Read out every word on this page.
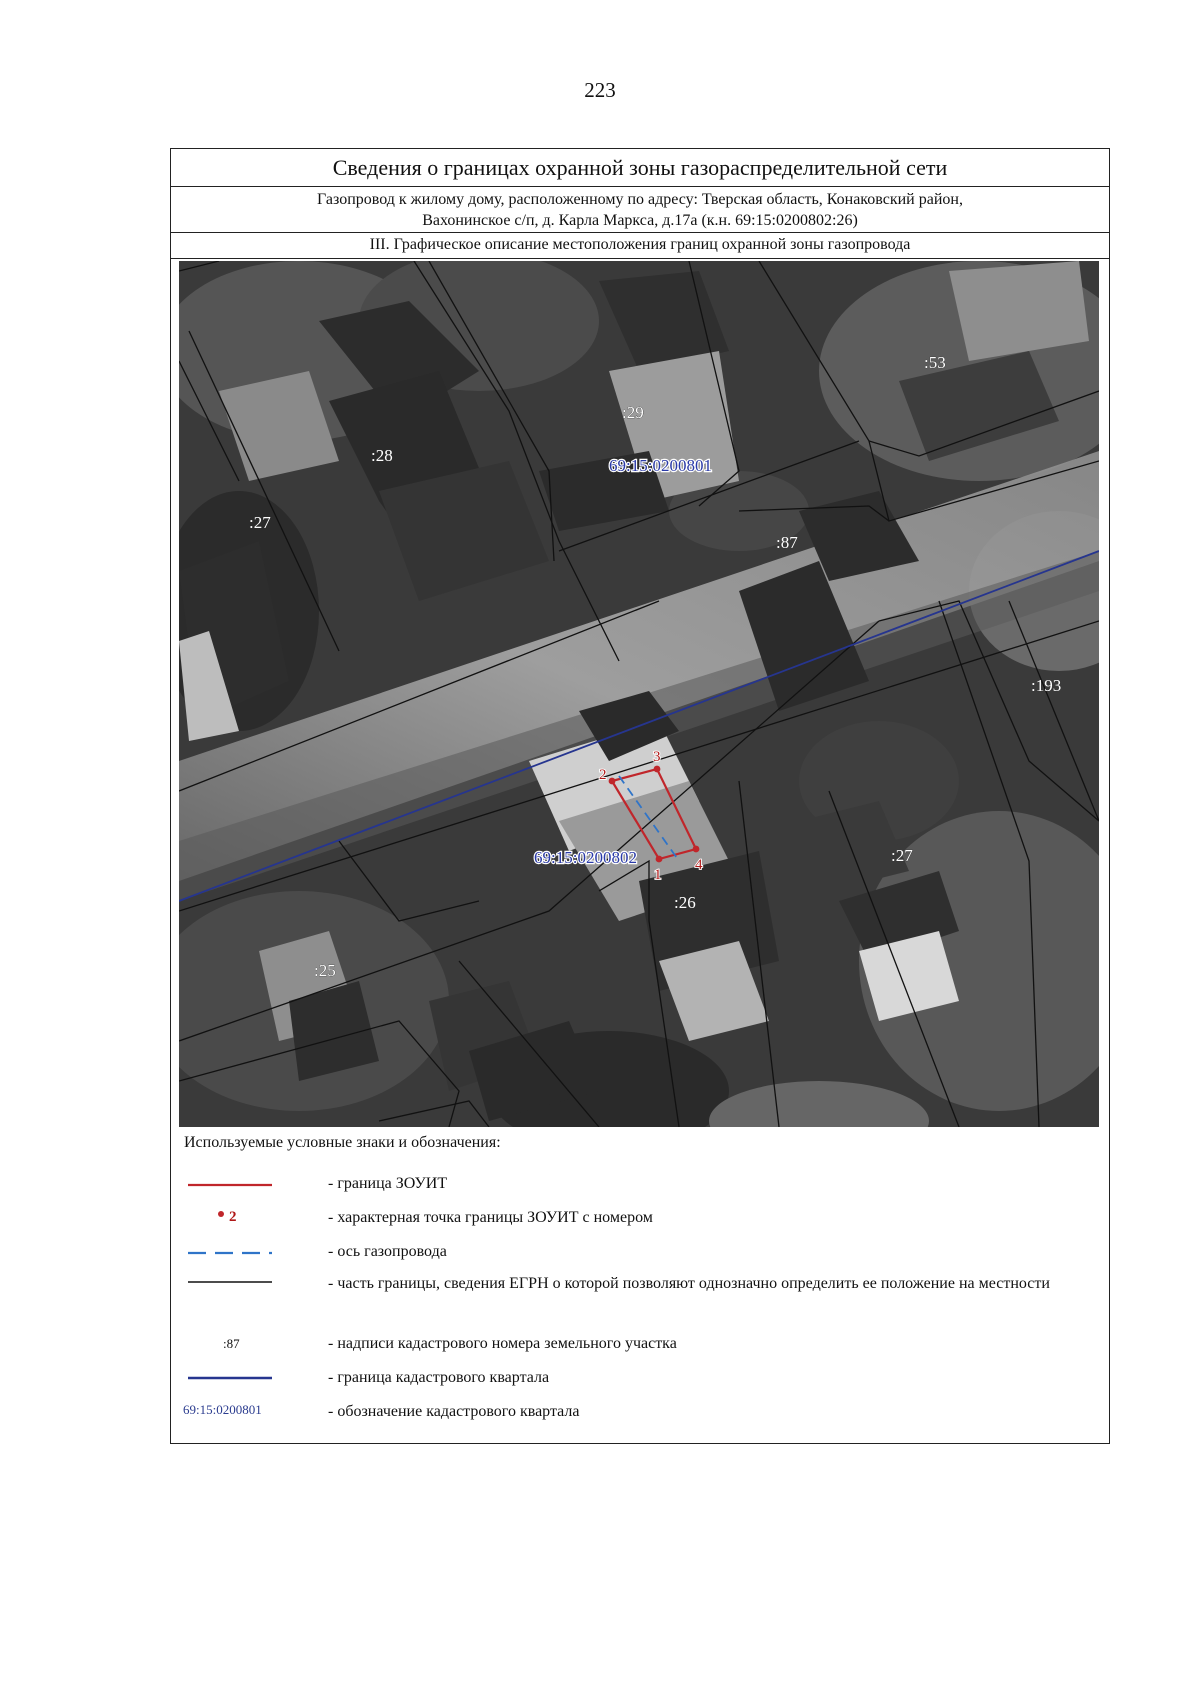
223
Сведения о границах охранной зоны газораспределительной сети
Газопровод к жилому дому, расположенному по адресу: Тверская область, Конаковский район,
Вахонинское с/п, д. Карла Маркса, д.17а (к.н. 69:15:0200802:26)
III. Графическое описание местоположения границ охранной зоны газопровода
1
2
3
4
:53
:29
:28
:27
:87
:193
:27
:26
:25
69:15:0200801
69:15:0200802
Используемые условные знаки и обозначения:
- граница ЗОУИТ
2	- характерная точка границы ЗОУИТ с номером
- ось газопровода
- часть границы, сведения ЕГРН о которой позволяют однозначно определить ее положение на местности
:87	- надписи кадастрового номера земельного участка
- граница кадастрового квартала
69:15:0200801	- обозначение кадастрового квартала
